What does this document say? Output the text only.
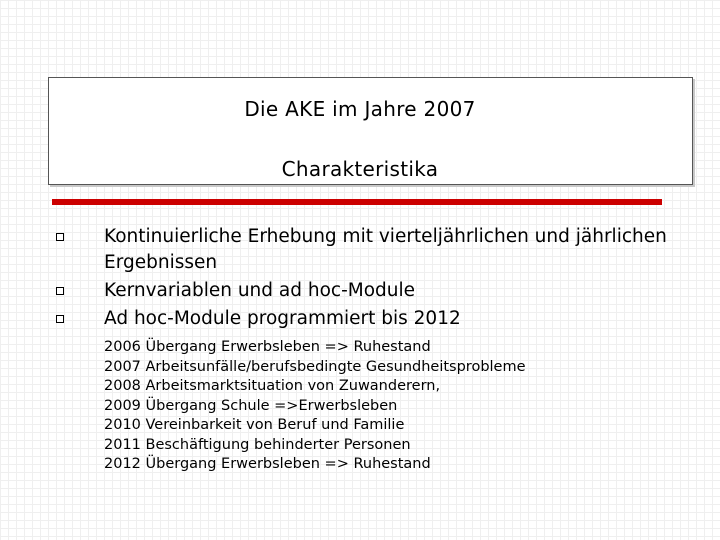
Die AKE im Jahre 2007
Charakteristika
Kontinuierliche Erhebung mit vierteljährlichen und jährlichen Ergebnissen
Kernvariablen und ad hoc-Module
Ad hoc-Module programmiert bis 2012
2006 Übergang Erwerbsleben => Ruhestand
2007 Arbeitsunfälle/berufsbedingte Gesundheitsprobleme
2008 Arbeitsmarktsituation von Zuwanderern,
2009 Übergang Schule =>Erwerbsleben
2010 Vereinbarkeit von Beruf und Familie
2011 Beschäftigung behinderter Personen
2012 Übergang Erwerbsleben => Ruhestand
